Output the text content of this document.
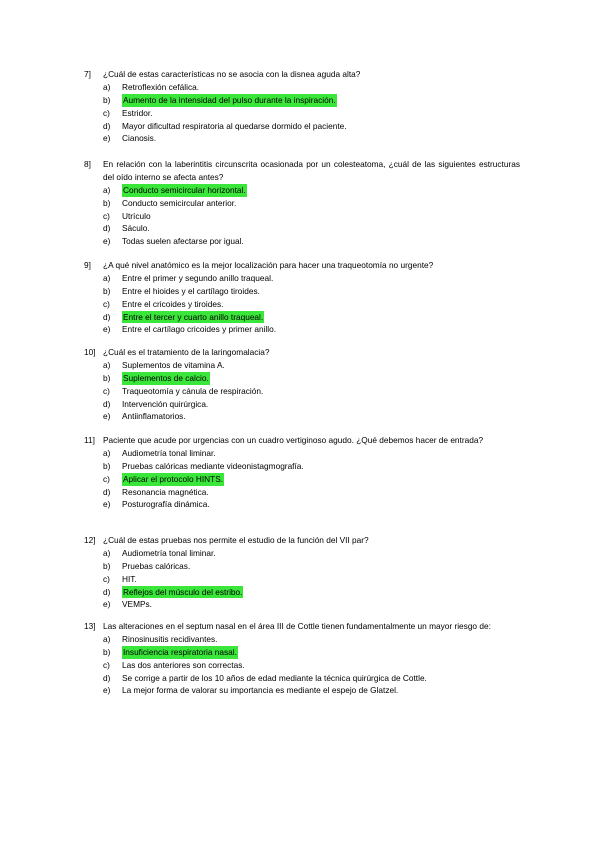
7]	¿Cuál de estas características no se asocia con la disnea aguda alta?
a) Retroflexión cefálica.
b) Aumento de la intensidad del pulso durante la inspiración.
c) Estridor.
d) Mayor dificultad respiratoria al quedarse dormido el paciente.
e) Cianosis.
8]	En relación con la laberintitis circunscrita ocasionada por un colesteatoma, ¿cuál de las siguientes estructuras del oído interno se afecta antes?
a) Conducto semicircular horizontal.
b) Conducto semicircular anterior.
c) Utrículo
d) Sáculo.
e) Todas suelen afectarse por igual.
9]	¿A qué nivel anatómico es la mejor localización para hacer una traqueotomía no urgente?
a) Entre el primer y segundo anillo traqueal.
b) Entre el hioides y el cartílago tiroides.
c) Entre el cricoides y tiroides.
d) Entre el tercer y cuarto anillo traqueal.
e) Entre el cartílago cricoides y primer anillo.
10] ¿Cuál es el tratamiento de la laringomalacia?
a) Suplementos de vitamina A.
b) Suplementos de calcio.
c) Traqueotomía y cánula de respiración.
d) Intervención quirúrgica.
e) Antiinflamatorios.
11] Paciente que acude por urgencias con un cuadro vertiginoso agudo. ¿Qué debemos hacer de entrada?
a) Audiometría tonal liminar.
b) Pruebas calóricas mediante videonistagmografía.
c) Aplicar el protocolo HINTS.
d) Resonancia magnética.
e) Posturografía dinámica.
12] ¿Cuál de estas pruebas nos permite el estudio de la función del VII par?
a) Audiometría tonal liminar.
b) Pruebas calóricas.
c) HIT.
d) Reflejos del músculo del estribo.
e) VEMPs.
13] Las alteraciones en el septum nasal en el área III de Cottle tienen fundamentalmente un mayor riesgo de:
a) Rinosinusitis recidivantes.
b) Insuficiencia respiratoria nasal.
c) Las dos anteriores son correctas.
d) Se corrige a partir de los 10 años de edad mediante la técnica quirúrgica de Cottle.
e) La mejor forma de valorar su importancia es mediante el espejo de Glatzel.
